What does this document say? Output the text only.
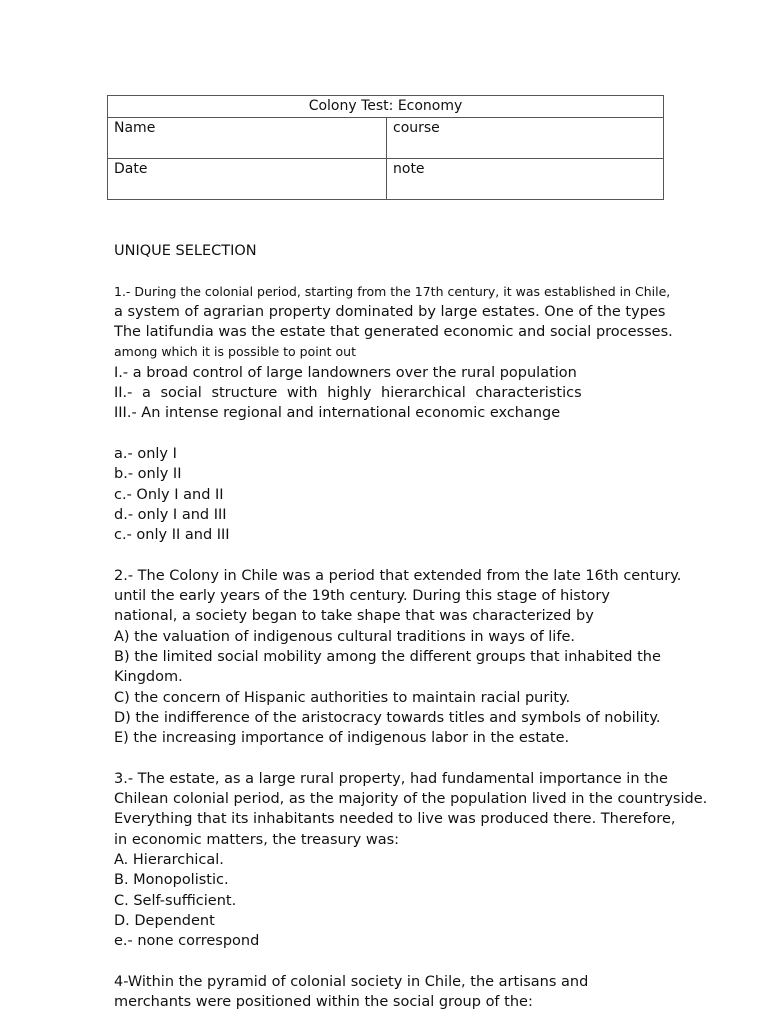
Colony Test: Economy	
Name	course
Date	note
UNIQUE SELECTION
1.- During the colonial period, starting from the 17th century, it was established in Chile,
a system of agrarian property dominated by large estates. One of the types
The latifundia was the estate that generated economic and social processes.
among which it is possible to point out
I.- a broad control of large landowners over the rural population
II.- a social structure with highly hierarchical characteristics
III.- An intense regional and international economic exchange
a.- only I
b.- only II
c.- Only I and II
d.- only I and III
c.- only II and III
2.- The Colony in Chile was a period that extended from the late 16th century.
until the early years of the 19th century. During this stage of history
national, a society began to take shape that was characterized by
A) the valuation of indigenous cultural traditions in ways of life.
B) the limited social mobility among the different groups that inhabited the
Kingdom.
C) the concern of Hispanic authorities to maintain racial purity.
D) the indifference of the aristocracy towards titles and symbols of nobility.
E) the increasing importance of indigenous labor in the estate.
3.- The estate, as a large rural property, had fundamental importance in the
Chilean colonial period, as the majority of the population lived in the countryside.
Everything that its inhabitants needed to live was produced there. Therefore,
in economic matters, the treasury was:
A. Hierarchical.
B. Monopolistic.
C. Self-sufficient.
D. Dependent
e.- none correspond
4-Within the pyramid of colonial society in Chile, the artisans and
merchants were positioned within the social group of the:
